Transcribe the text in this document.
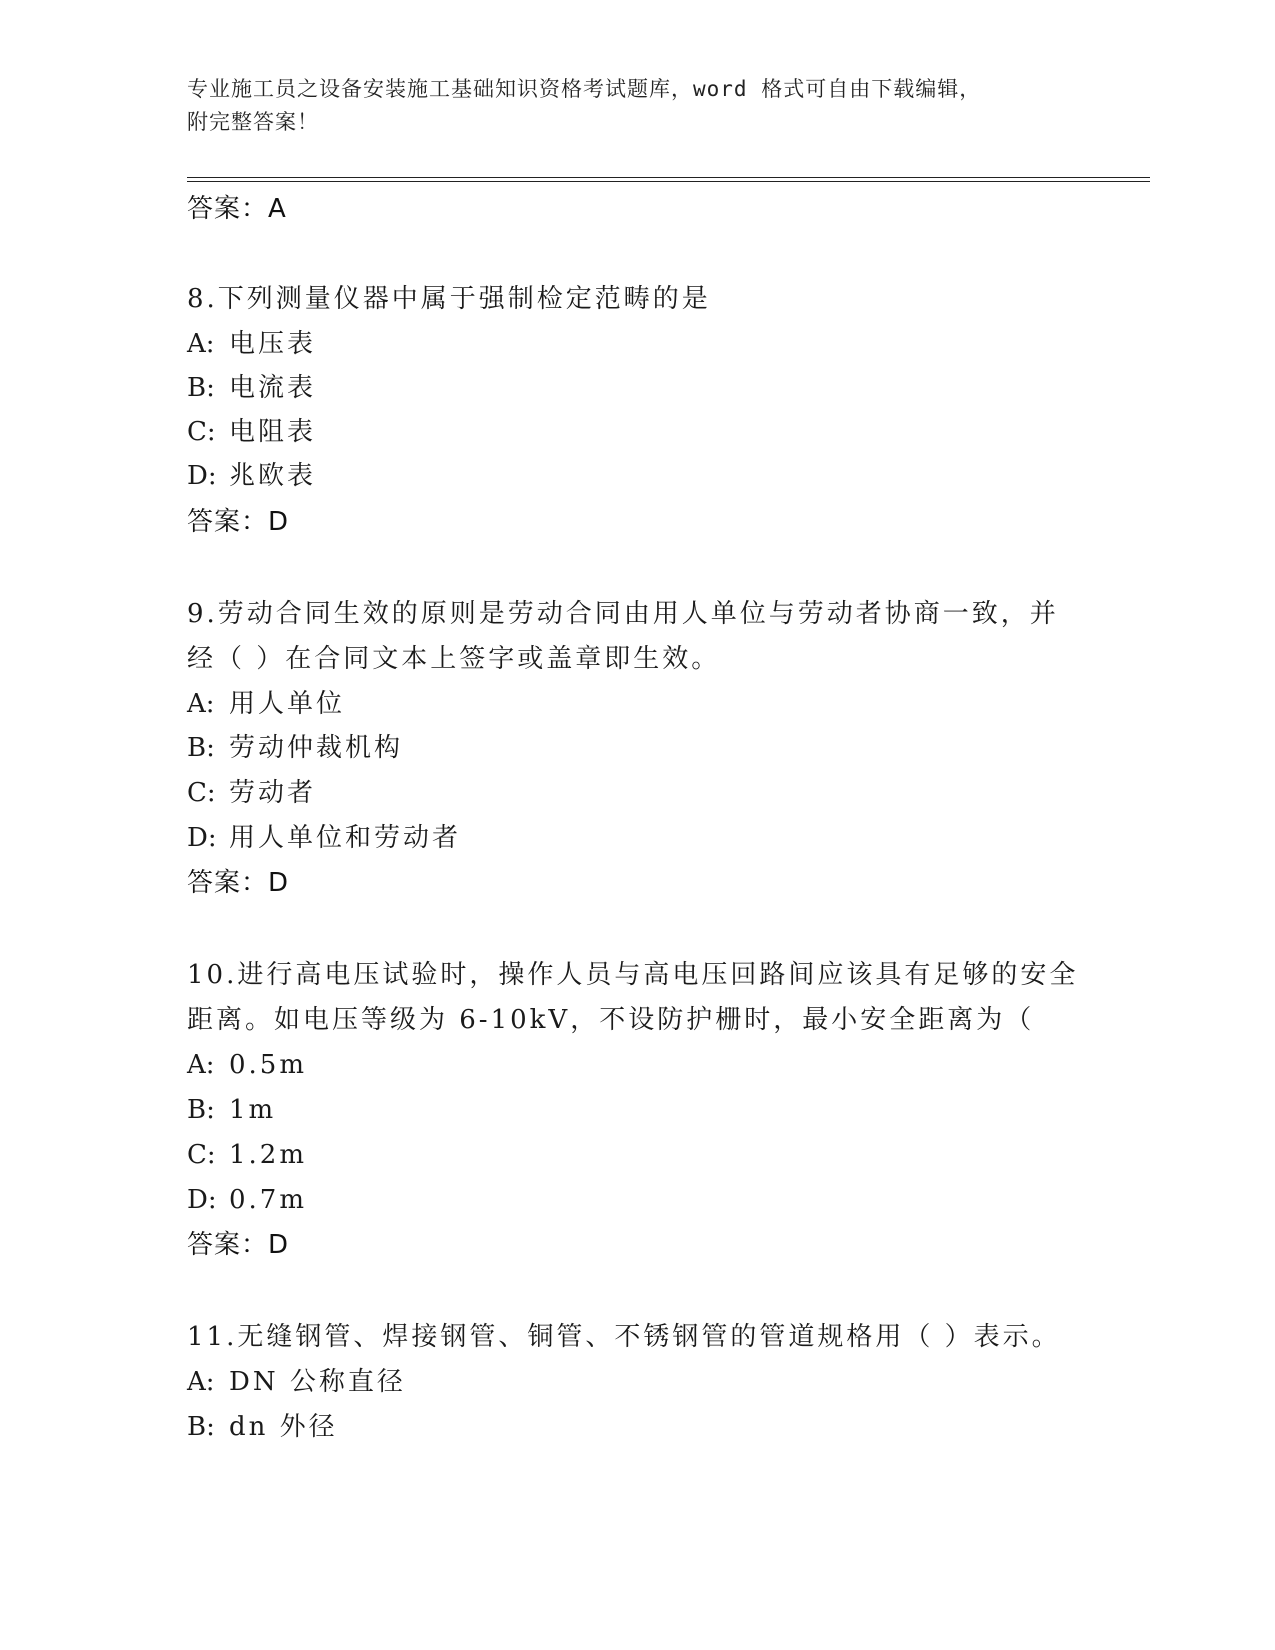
专业施工员之设备安装施工基础知识资格考试题库，word 格式可自由下载编辑，
附完整答案！
答案：A
8.下列测量仪器中属于强制检定范畴的是
A: 电压表
B: 电流表
C: 电阻表
D: 兆欧表
答案：D
9.劳动合同生效的原则是劳动合同由用人单位与劳动者协商一致，并
经（ ）在合同文本上签字或盖章即生效。
A: 用人单位
B: 劳动仲裁机构
C: 劳动者
D: 用人单位和劳动者
答案：D
10.进行高电压试验时，操作人员与高电压回路间应该具有足够的安全
距离。如电压等级为 6-10kV，不设防护栅时，最小安全距离为（
A: 0.5m
B: 1m
C: 1.2m
D: 0.7m
答案：D
11.无缝钢管、焊接钢管、铜管、不锈钢管的管道规格用（ ）表示。
A: DN 公称直径
B: dn 外径
